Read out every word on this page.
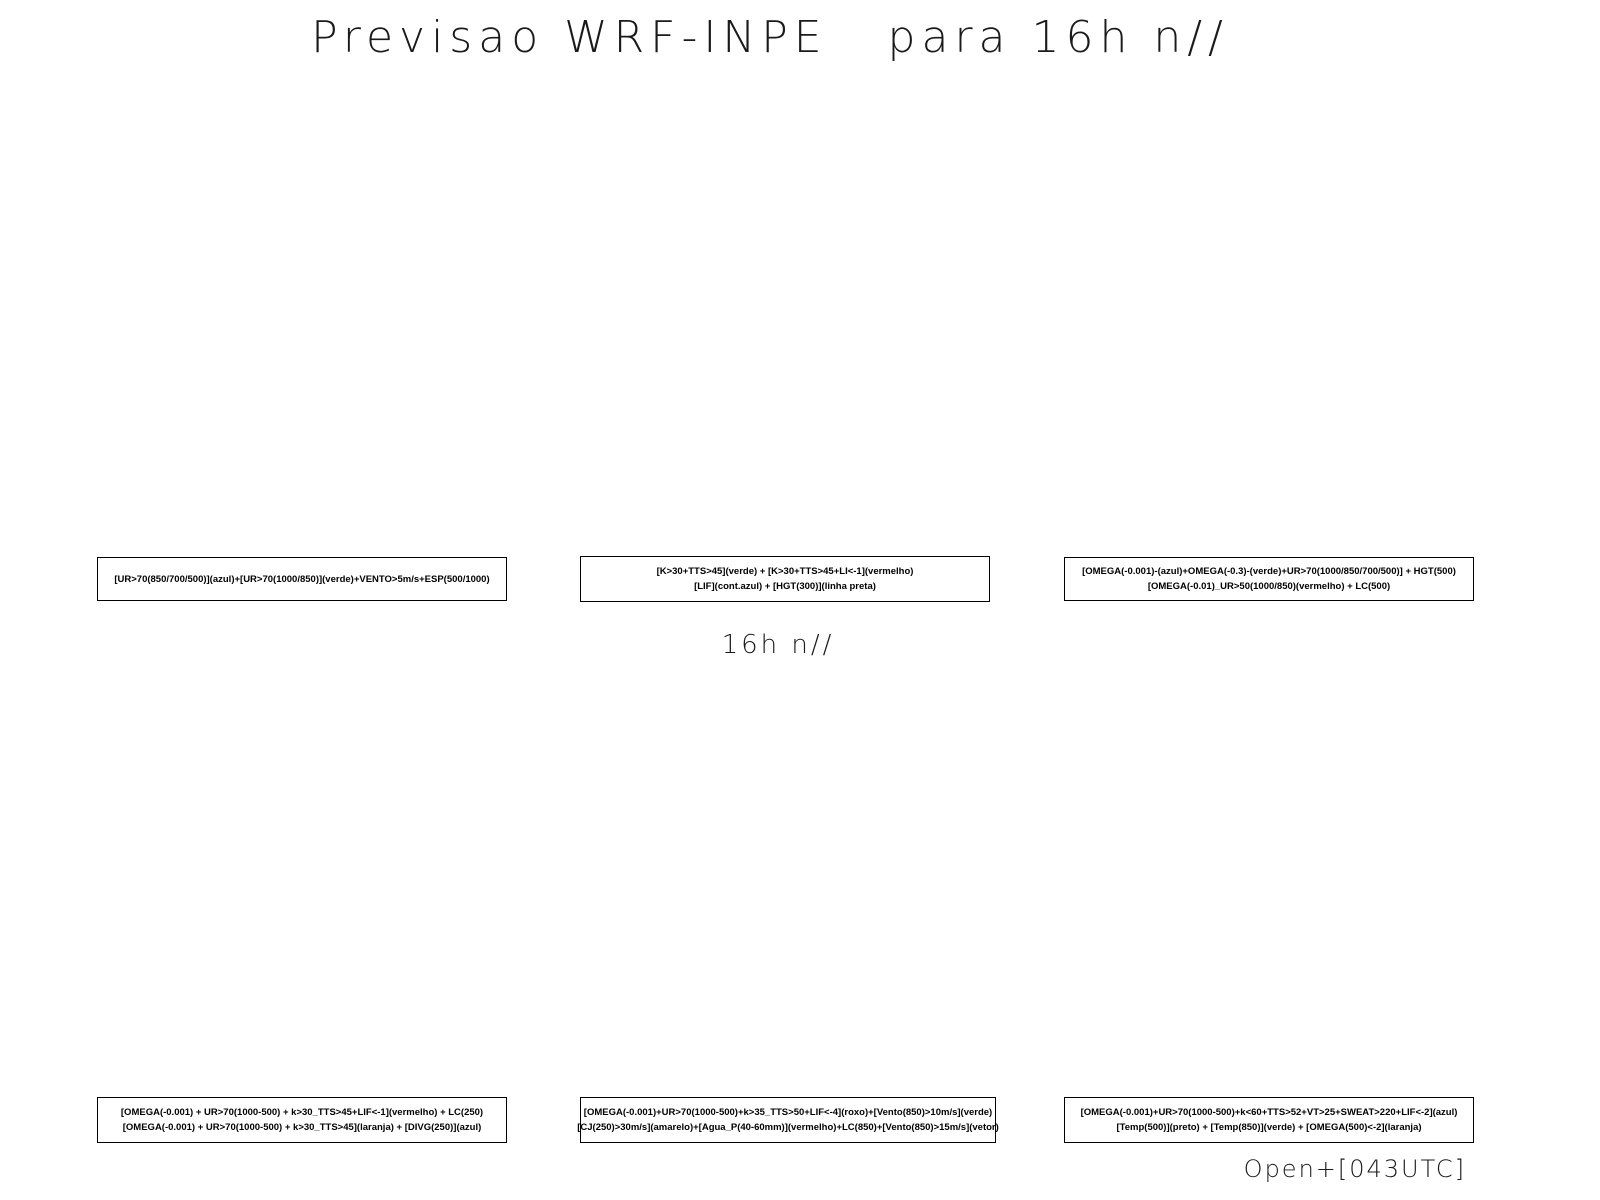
Previsao WRF-INPE   para 16h n//
[UR>70(850/700/500)](azul)+[UR>70(1000/850)](verde)+VENTO>5m/s+ESP(500/1000)
[K>30+TTS>45](verde) + [K>30+TTS>45+LI<-1](vermelho)
[LIF](cont.azul) + [HGT(300)](linha preta)
[OMEGA(-0.001)-(azul)+OMEGA(-0.3)-(verde)+UR>70(1000/850/700/500)] + HGT(500)
[OMEGA(-0.01)_UR>50(1000/850)(vermelho) + LC(500)
16h n//
[OMEGA(-0.001) + UR>70(1000-500) + k>30_TTS>45+LIF<-1](vermelho) + LC(250)
[OMEGA(-0.001) + UR>70(1000-500) + k>30_TTS>45](laranja) + [DIVG(250)](azul)
[OMEGA(-0.001)+UR>70(1000-500)+k>35_TTS>50+LIF<-4](roxo)+[Vento(850)>10m/s](verde)
[CJ(250)>30m/s](amarelo)+[Agua_P(40-60mm)](vermelho)+LC(850)+[Vento(850)>15m/s](vetor)
[OMEGA(-0.001)+UR>70(1000-500)+k<60+TTS>52+VT>25+SWEAT>220+LIF<-2](azul)
[Temp(500)](preto) + [Temp(850)](verde) + [OMEGA(500)<-2](laranja)
Open+[043UTC]
